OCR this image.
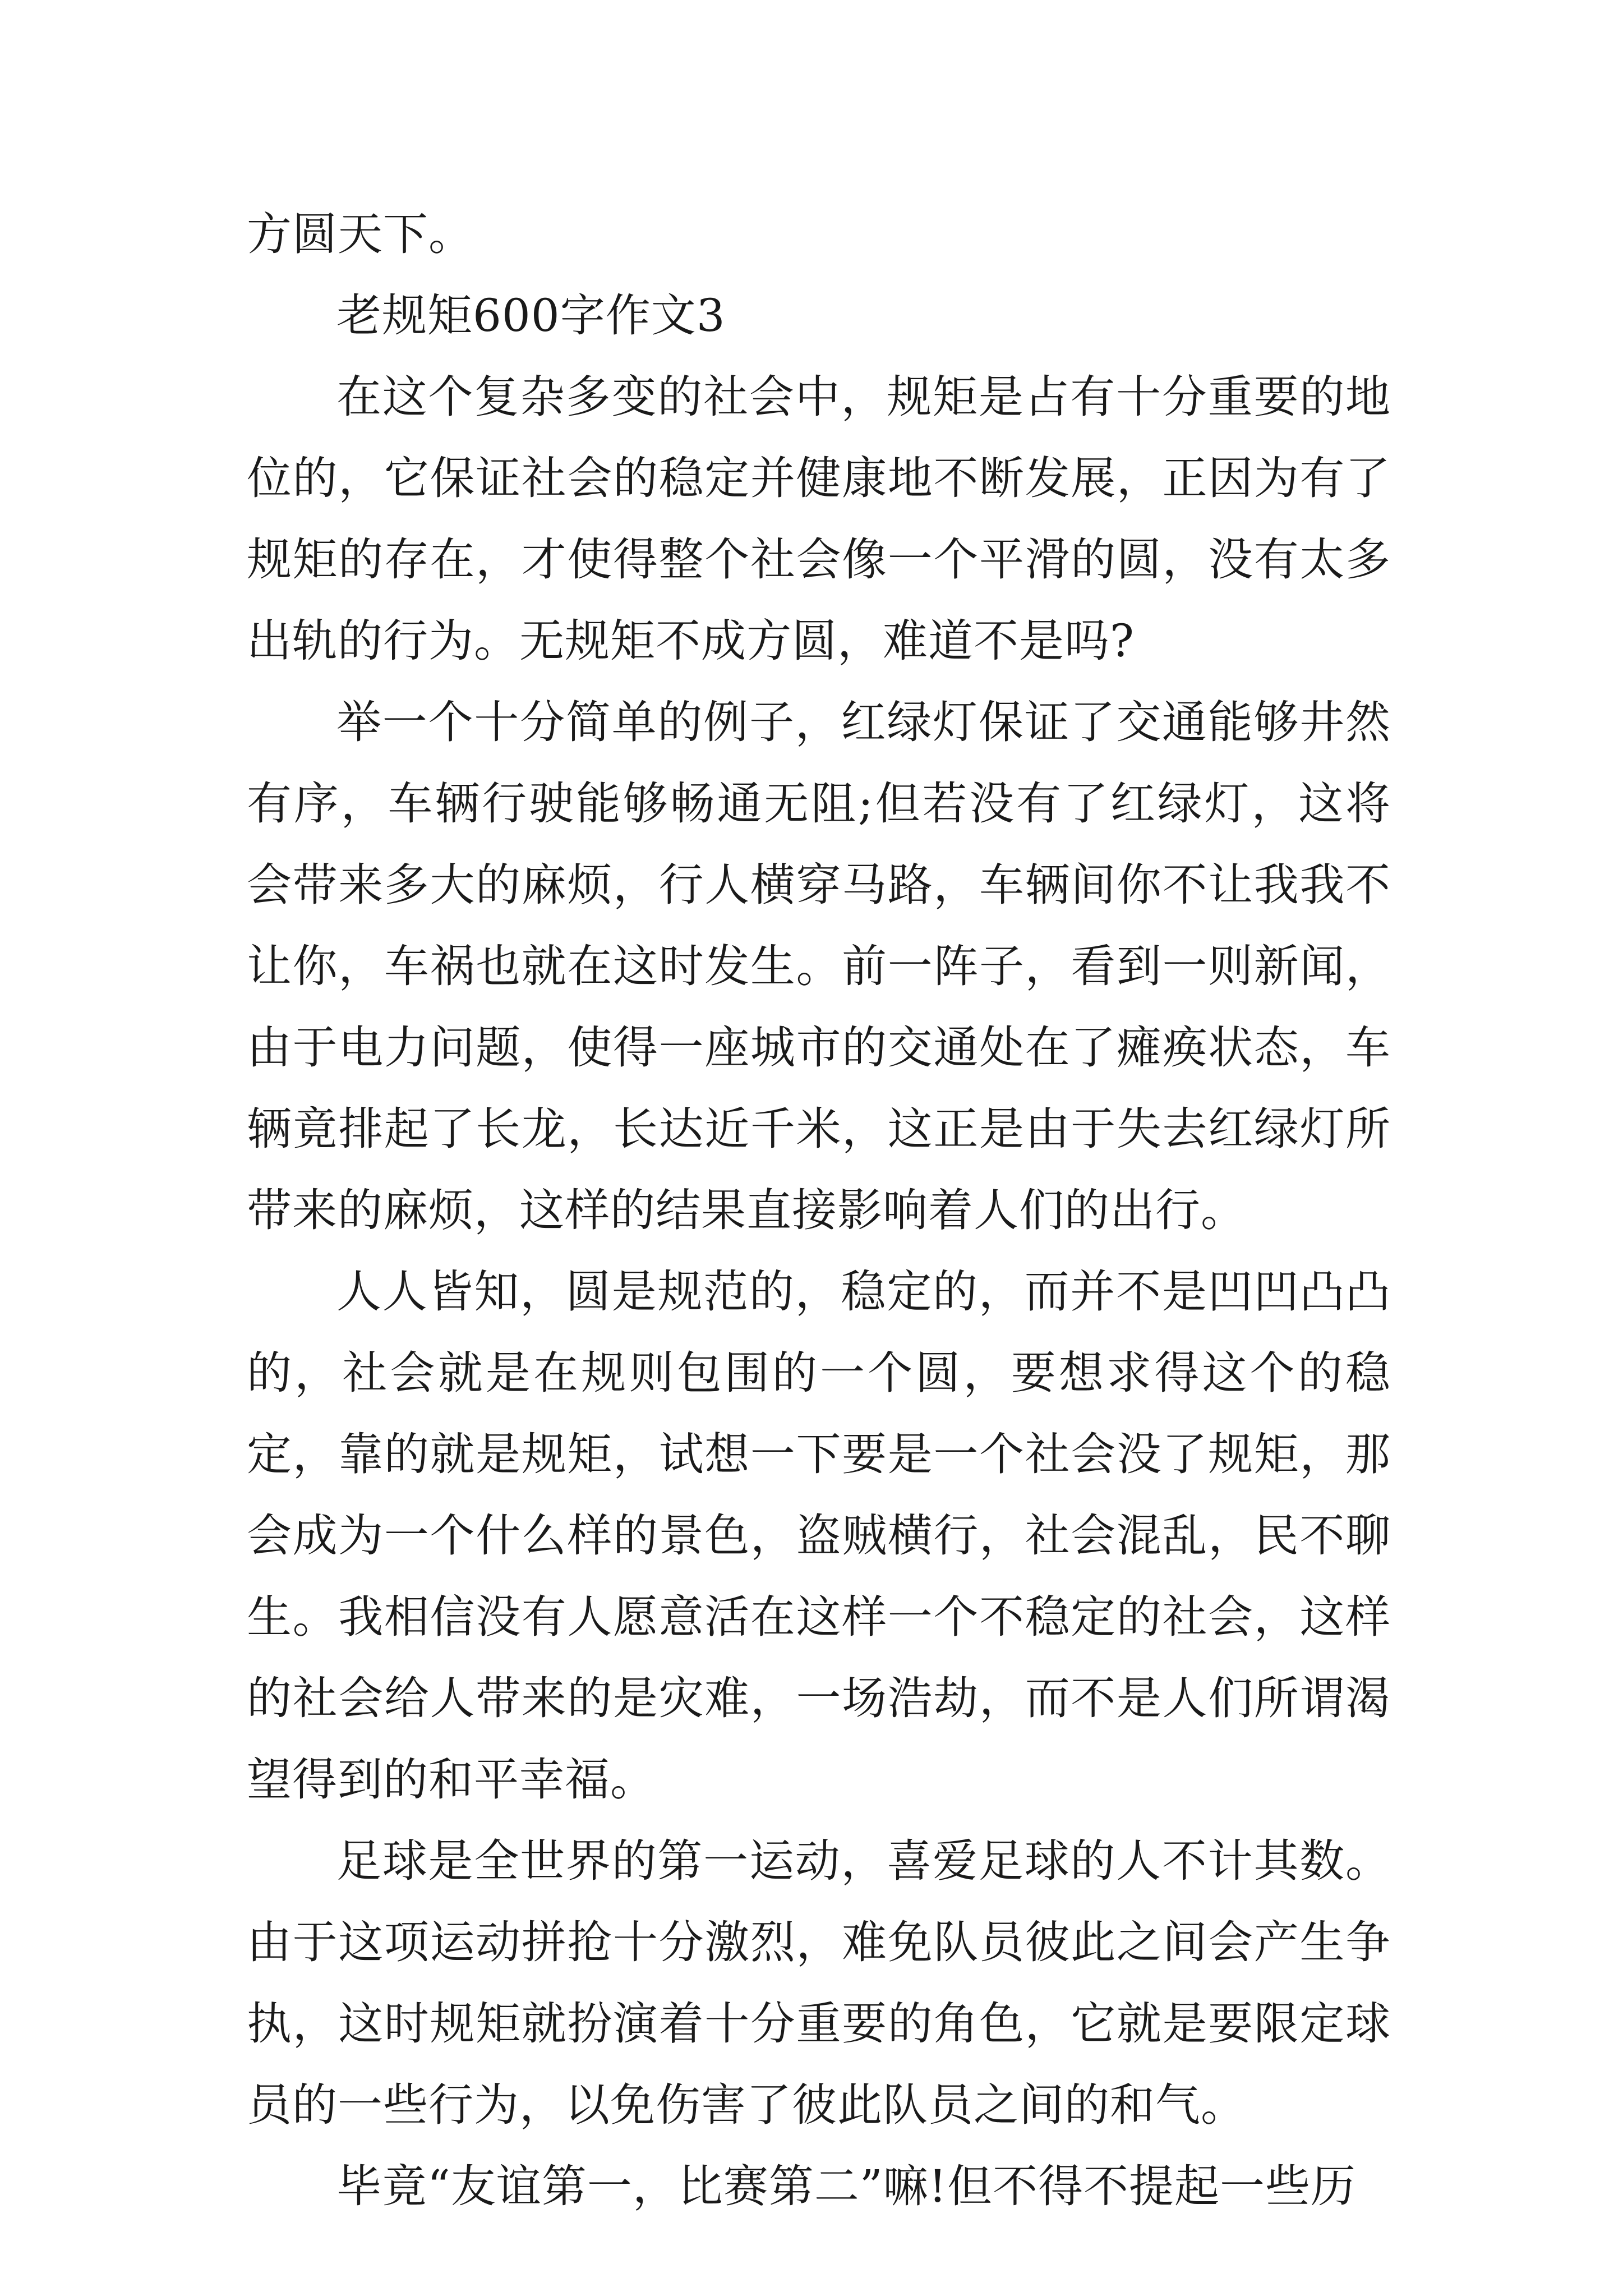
方圆天下。

老规矩600字作文3

在这个复杂多变的社会中，规矩是占有十分重要的地位的，它保证社会的稳定并健康地不断发展，正因为有了规矩的存在，才使得整个社会像一个平滑的圆，没有太多出轨的行为。无规矩不成方圆，难道不是吗?

举一个十分简单的例子，红绿灯保证了交通能够井然有序，车辆行驶能够畅通无阻;但若没有了红绿灯，这将会带来多大的麻烦，行人横穿马路，车辆间你不让我我不让你，车祸也就在这时发生。前一阵子，看到一则新闻，由于电力问题，使得一座城市的交通处在了瘫痪状态，车辆竟排起了长龙，长达近千米，这正是由于失去红绿灯所带来的麻烦，这样的结果直接影响着人们的出行。

人人皆知，圆是规范的，稳定的，而并不是凹凹凸凸的，社会就是在规则包围的一个圆，要想求得这个的稳定，靠的就是规矩，试想一下要是一个社会没了规矩，那会成为一个什么样的景色，盗贼横行，社会混乱，民不聊生。我相信没有人愿意活在这样一个不稳定的社会，这样的社会给人带来的是灾难，一场浩劫，而不是人们所谓渴望得到的和平幸福。

足球是全世界的第一运动，喜爱足球的人不计其数。由于这项运动拼抢十分激烈，难免队员彼此之间会产生争执，这时规矩就扮演着十分重要的角色，它就是要限定球员的一些行为，以免伤害了彼此队员之间的和气。

毕竟“友谊第一，比赛第二”嘛!但不得不提起一些历
